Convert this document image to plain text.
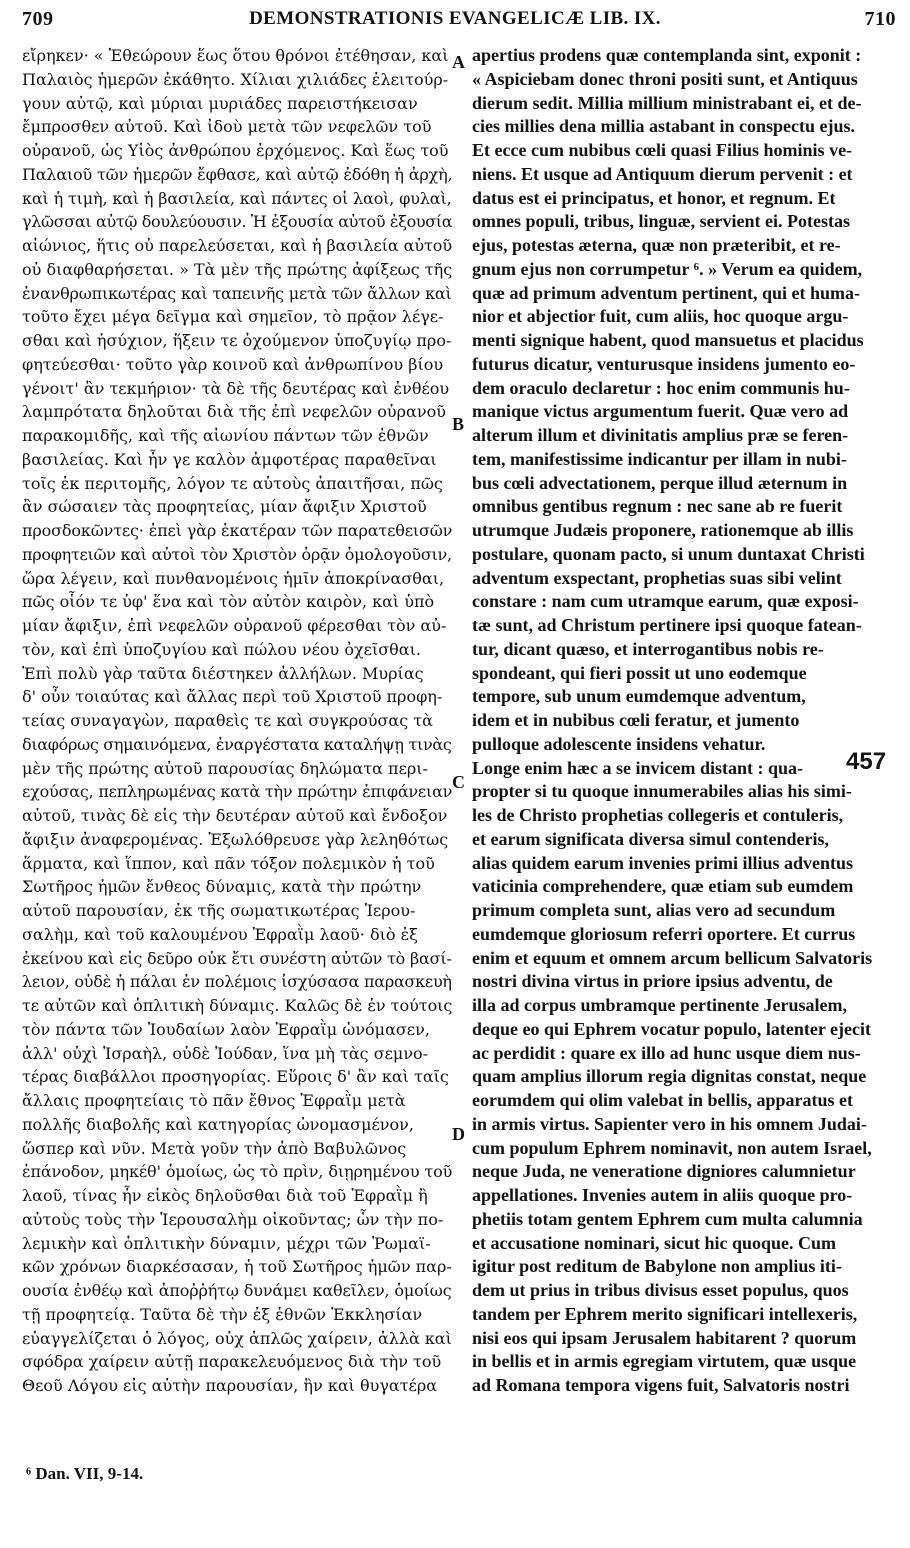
709	DEMONSTRATIONIS EVANGELICÆ LIB. IX.	710
εἴρηκεν· « Ἐθεώρουν ἕως ὅτου θρόνοι ἐτέθησαν, καὶ
Παλαιὸς ἡμερῶν ἐκάθητο. Χίλιαι χιλιάδες ἐλειτούρ-
γουν αὐτῷ, καὶ μύριαι μυριάδες παρειστήκεισαν
ἔμπροσθεν αὐτοῦ. Καὶ ἰδοὺ μετὰ τῶν νεφελῶν τοῦ
οὐρανοῦ, ὡς Υἱὸς ἀνθρώπου ἐρχόμενος. Καὶ ἕως τοῦ
Παλαιοῦ τῶν ἡμερῶν ἔφθασε, καὶ αὐτῷ ἐδόθη ἡ ἀρχὴ,
καὶ ἡ τιμὴ, καὶ ἡ βασιλεία, καὶ πάντες οἱ λαοὶ, φυλαὶ,
γλῶσσαι αὐτῷ δουλεύουσιν. Ἡ ἐξουσία αὐτοῦ ἐξουσία
αἰώνιος, ἥτις οὐ παρελεύσεται, καὶ ἡ βασιλεία αὐτοῦ
οὐ διαφθαρήσεται. » Τὰ μὲν τῆς πρώτης ἀφίξεως τῆς
ἐνανθρωπικωτέρας καὶ ταπεινῆς μετὰ τῶν ἄλλων καὶ
τοῦτο ἔχει μέγα δεῖγμα καὶ σημεῖον, τὸ πρᾷον λέγε-
σθαι καὶ ἡσύχιον, ἥξειν τε ὀχούμενον ὑποζυγίῳ προ-
φητεύεσθαι· τοῦτο γὰρ κοινοῦ καὶ ἀνθρωπίνου βίου
γένοιτ' ἂν τεκμήριον· τὰ δὲ τῆς δευτέρας καὶ ἐνθέου
λαμπρότατα δηλοῦται διὰ τῆς ἐπὶ νεφελῶν οὐρανοῦ
παρακομιδῆς, καὶ τῆς αἰωνίου πάντων τῶν ἐθνῶν
βασιλείας. Καὶ ἦν γε καλὸν ἀμφοτέρας παραθεῖναι
τοῖς ἐκ περιτομῆς, λόγον τε αὐτοὺς ἀπαιτῆσαι, πῶς
ἂν σώσαιεν τὰς προφητείας, μίαν ἄφιξιν Χριστοῦ
προσδοκῶντες· ἐπεὶ γὰρ ἑκατέραν τῶν παρατεθεισῶν
προφητειῶν καὶ αὐτοὶ τὸν Χριστὸν ὁρᾷν ὁμολογοῦσιν,
ὥρα λέγειν, καὶ πυνθανομένοις ἡμῖν ἀποκρίνασθαι,
πῶς οἷόν τε ὑφ' ἕνα καὶ τὸν αὐτὸν καιρὸν, καὶ ὑπὸ
μίαν ἄφιξιν, ἐπὶ νεφελῶν οὐρανοῦ φέρεσθαι τὸν αὐ-
τὸν, καὶ ἐπὶ ὑποζυγίου καὶ πώλου νέου ὀχεῖσθαι.
Ἐπὶ πολὺ γὰρ ταῦτα διέστηκεν ἀλλήλων. Μυρίας
δ' οὖν τοιαύτας καὶ ἄλλας περὶ τοῦ Χριστοῦ προφη-
τείας συναγαγὼν, παραθεὶς τε καὶ συγκρούσας τὰ
διαφόρως σημαινόμενα, ἐναργέστατα καταλήψῃ τινὰς
μὲν τῆς πρώτης αὐτοῦ παρουσίας δηλώματα περι-
εχούσας, πεπληρωμένας κατὰ τὴν πρώτην ἐπιφάνειαν
αὐτοῦ, τινὰς δὲ εἰς τὴν δευτέραν αὐτοῦ καὶ ἔνδοξον
ἄφιξιν ἀναφερομένας. Ἐξωλόθρευσε γὰρ λεληθότως
ἅρματα, καὶ ἵππον, καὶ πᾶν τόξον πολεμικὸν ἡ τοῦ
Σωτῆρος ἡμῶν ἔνθεος δύναμις, κατὰ τὴν πρώτην
αὐτοῦ παρουσίαν, ἐκ τῆς σωματικωτέρας Ἱερου-
σαλὴμ, καὶ τοῦ καλουμένου Ἐφραῒμ λαοῦ· διὸ ἐξ
ἐκείνου καὶ εἰς δεῦρο οὐκ ἔτι συνέστη αὐτῶν τὸ βασί-
λειον, οὐδὲ ἡ πάλαι ἐν πολέμοις ἰσχύσασα παρασκευὴ
τε αὐτῶν καὶ ὁπλιτικὴ δύναμις. Καλῶς δὲ ἐν τούτοις
τὸν πάντα τῶν Ἰουδαίων λαὸν Ἐφραῒμ ὠνόμασεν,
ἀλλ' οὐχὶ Ἰσραὴλ, οὐδὲ Ἰούδαν, ἵνα μὴ τὰς σεμνο-
τέρας διαβάλλοι προσηγορίας. Εὕροις δ' ἂν καὶ ταῖς
ἄλλαις προφητείαις τὸ πᾶν ἔθνος Ἐφραῒμ μετὰ
πολλῆς διαβολῆς καὶ κατηγορίας ὠνομασμένον,
ὥσπερ καὶ νῦν. Μετὰ γοῦν τὴν ἀπὸ Βαβυλῶνος
ἐπάνοδον, μηκέθ' ὁμοίως, ὡς τὸ πρὶν, διῃρημένου τοῦ
λαοῦ, τίνας ἦν εἰκὸς δηλοῦσθαι διὰ τοῦ Ἐφραῒμ ἢ
αὐτοὺς τοὺς τὴν Ἱερουσαλὴμ οἰκοῦντας; ὧν τὴν πο-
λεμικὴν καὶ ὁπλιτικὴν δύναμιν, μέχρι τῶν Ῥωμαϊ-
κῶν χρόνων διαρκέσασαν, ἡ τοῦ Σωτῆρος ἡμῶν παρ-
ουσία ἐνθέῳ καὶ ἀποῤῥήτῳ δυνάμει καθεῖλεν, ὁμοίως
τῇ προφητείᾳ. Ταῦτα δὲ τὴν ἐξ ἐθνῶν Ἐκκλησίαν
εὐαγγελίζεται ὁ λόγος, οὐχ ἁπλῶς χαίρειν, ἀλλὰ καὶ
σφόδρα χαίρειν αὐτῇ παρακελευόμενος διὰ τὴν τοῦ
Θεοῦ Λόγου εἰς αὐτὴν παρουσίαν, ἣν καὶ θυγατέρα
apertius prodens quæ contemplanda sint, exponit :
« Aspiciebam donec throni positi sunt, et Antiquus
dierum sedit. Millia millium ministrabant ei, et de-
cies millies dena millia astabant in conspectu ejus.
Et ecce cum nubibus cœli quasi Filius hominis ve-
niens. Et usque ad Antiquum dierum pervenit : et
datus est ei principatus, et honor, et regnum. Et
omnes populi, tribus, linguæ, servient ei. Potestas
ejus, potestas æterna, quæ non præteribit, et re-
gnum ejus non corrumpetur ⁶. » Verum ea quidem,
quæ ad primum adventum pertinent, qui et huma-
nior et abjectior fuit, cum aliis, hoc quoque argu-
menti signique habent, quod mansuetus et placidus
futurus dicatur, venturusque insidens jumento eo-
dem oraculo declaretur : hoc enim communis hu-
manique victus argumentum fuerit. Quæ vero ad
alterum illum et divinitatis amplius præ se feren-
tem, manifestissime indicantur per illam in nubi-
bus cœli advectationem, perque illud æternum in
omnibus gentibus regnum : nec sane ab re fuerit
utrumque Judæis proponere, rationemque ab illis
postulare, quonam pacto, si unum duntaxat Christi
adventum exspectant, prophetias suas sibi velint
constare : nam cum utramque earum, quæ exposi-
tæ sunt, ad Christum pertinere ipsi quoque fatean-
tur, dicant quæso, et interrogantibus nobis re-
spondeant, qui fieri possit ut uno eodemque
tempore, sub unum eumdemque adventum,
idem et in nubibus cœli feratur, et jumento
pulloque adolescente insidens vehatur.
Longe enim hæc a se invicem distant : qua-
propter si tu quoque innumerabiles alias his simi-
les de Christo prophetias collegeris et contuleris,
et earum significata diversa simul contenderis,
alias quidem earum invenies primi illius adventus
vaticinia comprehendere, quæ etiam sub eumdem
primum completa sunt, alias vero ad secundum
eumdemque gloriosum referri oportere. Et currus
enim et equum et omnem arcum bellicum Salvatoris
nostri divina virtus in priore ipsius adventu, de
illa ad corpus umbramque pertinente Jerusalem,
deque eo qui Ephrem vocatur populo, latenter ejecit
ac perdidit : quare ex illo ad hunc usque diem nus-
quam amplius illorum regia dignitas constat, neque
eorumdem qui olim valebat in bellis, apparatus et
in armis virtus. Sapienter vero in his omnem Judai-
cum populum Ephrem nominavit, non autem Israel,
neque Juda, ne veneratione digniores calumnietur
appellationes. Invenies autem in aliis quoque pro-
phetiis totam gentem Ephrem cum multa calumnia
et accusatione nominari, sicut hic quoque. Cum
igitur post reditum de Babylone non amplius iti-
dem ut prius in tribus divisus esset populus, quos
tandem per Ephrem merito significari intellexeris,
nisi eos qui ipsam Jerusalem habitarent ? quorum
in bellis et in armis egregiam virtutem, quæ usque
ad Romana tempora vigens fuit, Salvatoris nostri
A
B
C
D
457
⁶ Dan. VII, 9-14.
